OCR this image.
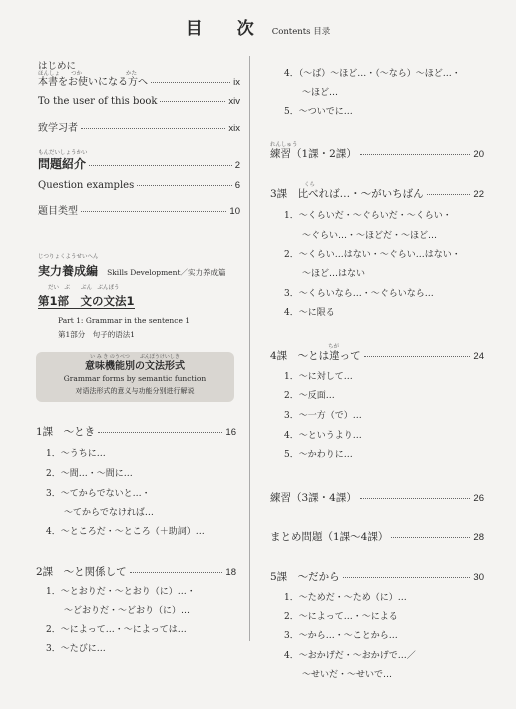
目 次 Contents 目录
はじめに
ほんしょ　　つか　　　　　　　　かた
本書をお使いになる方へ	ix
To the user of this book	xiv
致学习者	xix
もんだいしょうかい
問題紹介	2
Question examples	6
题目类型	10
じつりょくようせいへん
実力養成編 Skills Development／实力养成篇
だい　ぶ　　ぶん　ぶんぽう
第1部　文の文法1
Part 1: Grammar in the sentence 1
第1部分　句子的语法1
い み き のうべつ　　ぶんぽうけいしき
意味機能別の文法形式
Grammar forms by semantic function
对语法形式的意义与功能分别进行解说
1課　〜とき	16
1．〜うちに…
2．〜間…・〜間に…
3．〜てからでないと…・
　　〜てからでなければ…
4．〜ところだ・〜ところ（＋助詞）…
2課　〜と関係して	18
1．〜とおりだ・〜とおり（に）…・
　　〜どおりだ・〜どおり（に）…
2．〜によって…・〜によっては…
3．〜たびに…
4．（〜ば）〜ほど…・（〜なら）〜ほど…・
　　〜ほど…
5．〜ついでに…
れんしゅう
練習（1課・2課）	20
くら
3課　比べれば…・〜がいちばん	22
1．〜くらいだ・〜ぐらいだ・〜くらい・
　　〜ぐらい…・〜ほどだ・〜ほど…
2．〜くらい…はない・〜ぐらい…はない・
　　〜ほど…はない
3．〜くらいなら…・〜ぐらいなら…
4．〜に限る
ちが
4課　〜とは違って	24
1．〜に対して…
2．〜反面…
3．〜一方（で）…
4．〜というより…
5．〜かわりに…
練習（3課・4課）	26
まとめ問題（1課〜4課）	28
5課　〜だから	30
1．〜ためだ・〜ため（に）…
2．〜によって…・〜による
3．〜から…・〜ことから…
4．〜おかげだ・〜おかげで…／
　　〜せいだ・〜せいで…
